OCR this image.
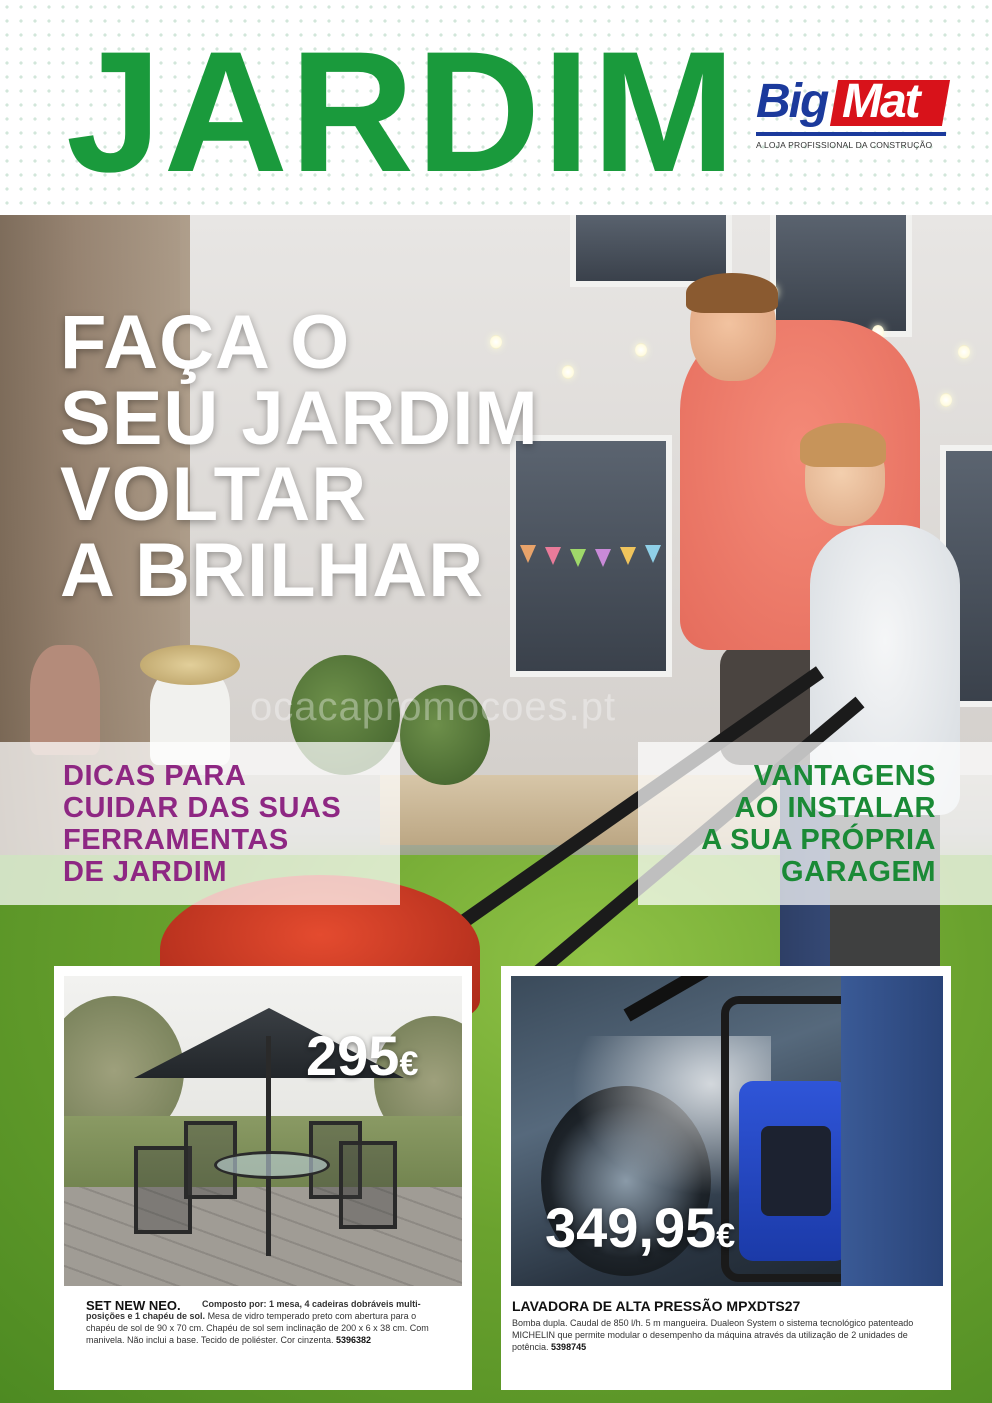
JARDIM Big Mat
A LOJA PROFISSIONAL DA CONSTRUÇÃO
FAÇA O
SEU JARDIM
VOLTAR
A BRILHAR
ocacapromocoes.pt

DICAS PARA
CUIDAR DAS SUAS
FERRAMENTAS
DE JARDIM

VANTAGENS
AO INSTALAR
A SUA PRÓPRIA
GARAGEM

295€
SET NEW NEO.	Composto por: 1 mesa, 4 cadeiras dobráveis multi-posições e 1 chapéu de sol. Mesa de vidro temperado preto com abertura para o chapéu de sol de 90 x 70 cm. Chapéu de sol sem inclinação de 200 x 6 x 38 cm. Com manivela. Não inclui a base. Tecido de poliéster. Cor cinzenta. 5396382

349,95€
LAVADORA DE ALTA PRESSÃO MPXDTS27

Bomba dupla. Caudal de 850 l/h. 5 m mangueira. Dualeon System o sistema tecnológico patenteado MICHELIN que permite modular o desempenho da máquina através da utilização de 2 unidades de potência. 5398745
